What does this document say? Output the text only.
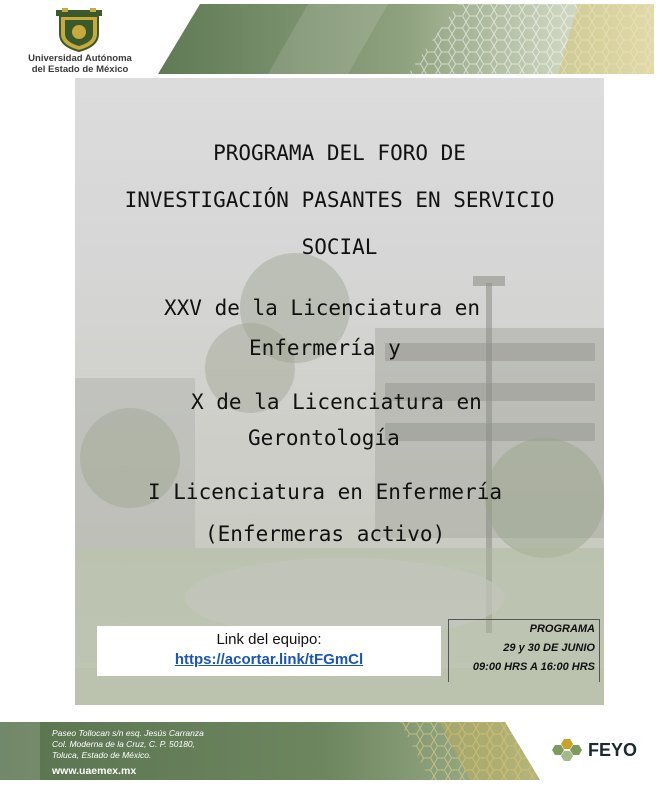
Universidad Autónoma
del Estado de México
PROGRAMA DEL FORO DE
INVESTIGACIÓN PASANTES EN SERVICIO
SOCIAL
XXV de la Licenciatura en
Enfermería y
X de la Licenciatura en
Gerontología
I Licenciatura en Enfermería
(Enfermeras activo)
Link del equipo:
https://acortar.link/tFGmCl
PROGRAMA
29 y 30 DE JUNIO
09:00 HRS A 16:00 HRS
Paseo Tollocan s/n esq. Jesús Carranza
Col. Moderna de la Cruz, C. P. 50180,
Toluca, Estado de México.
www.uaemex.mx
FEYO
